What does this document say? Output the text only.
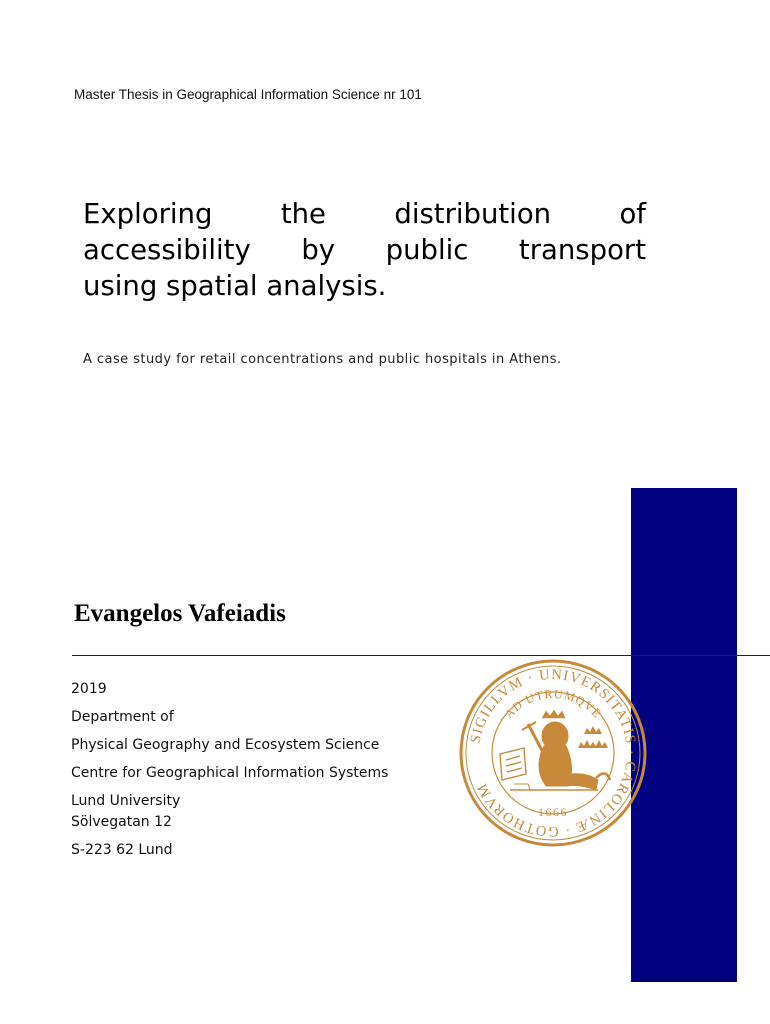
Master Thesis in Geographical Information Science nr 101
Exploring the distribution of
accessibility by public transport
using spatial analysis.

A case study for retail concentrations and public hospitals in Athens.

Evangelos Vafeiadis
2019
Department of
Physical Geography and Ecosystem Science
Centre for Geographical Information Systems
Lund University
Sölvegatan 12
S-223 62 Lund
SIGILLVM · UNIVERSITATIS · CAROLINÆ · GOTHORVM
AD UTRUMQVE
1666
